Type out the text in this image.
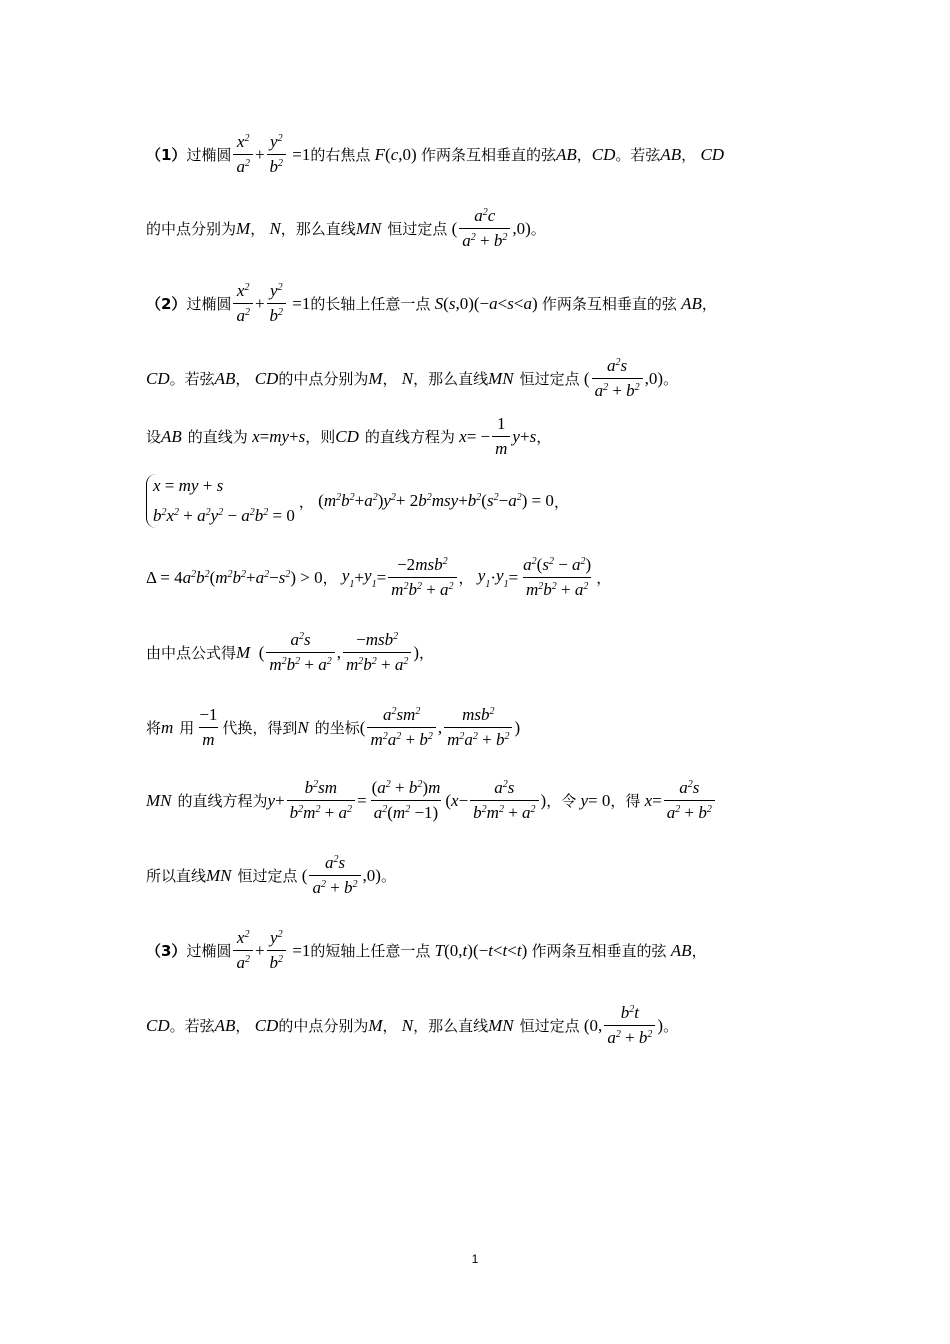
（1） 过椭圆 $\frac{x^2}{a^2} + \frac{y^2}{b^2} =1$ 的右焦点 F ( c ,0) 作两条互相垂直的弦 AB ， CD 。若弦 AB ， CD
的中点分别为 M ， N ，那么直线 MN 恒过定点 ( $\frac{a^2c}{a^2 + b^2} ,0$) 。
（2） 过椭圆 $\frac{x^2}{a^2} + \frac{y^2}{b^2} =1$ 的长轴上任意一点 S ( s ,0)(− a < s < a ) 作两条互相垂直的弦 AB ，
CD 。若弦 AB ， CD 的中点分别为 M ， N ，那么直线 MN 恒过定点 ( $\frac{a^2s}{a^2 + b^2} ,0$) 。
设 AB 的直线为 x = my + s ，则 CD 的直线方程为 x = − $\frac{1}{m}$ y + s ，
x = my + s
$b^2x^2 + a^2y^2 - a^2b^2 = 0$
， ( $m^2b^2 + a^2$ ) $y^2 + 2$ $b^2msy + b^2$ ( $s^2 - a^2$ ) = 0 ，
Δ = 4 $a^2b^2$ ( $m^2b^2 + a^2 - s^2$ ) > 0 ， $y_1 + y_1 = \frac{-2msb^2}{m^2b^2 + a^2}$ ， $y_1 \cdot y_1 = \frac{a^2(s^2 - a^2)}{m^2b^2 + a^2}$ ，
由中点公式得 M ( $\frac{a^2s}{m^2b^2 + a^2}$ , $\frac{-msb^2}{m^2b^2 + a^2}$ ) ，
将 m 用 $\frac{-1}{m}$ 代换，得到 N 的坐标 ( $\frac{a^2sm^2}{m^2a^2 + b^2}$ , $\frac{msb^2}{m^2a^2 + b^2}$ )
MN 的直线方程为 $y + \frac{b^2sm}{b^2m^2 + a^2} = \frac{(a^2 + b^2)m}{a^2(m^2 -1)}$ ( $x - \frac{a^2s}{b^2m^2 + a^2}$ ) ，令 y = 0 ，得 $x = \frac{a^2s}{a^2 + b^2}$
所以直线 MN 恒过定点 ( $\frac{a^2s}{a^2 + b^2} ,0$) 。
（3） 过椭圆 $\frac{x^2}{a^2} + \frac{y^2}{b^2} =1$ 的短轴上任意一点 T (0, t )(− t < t < t ) 作两条互相垂直的弦 AB ，
CD 。若弦 AB ， CD 的中点分别为 M ， N ，那么直线 MN 恒过定点 (0, $\frac{b^2t}{a^2 + b^2}$ ) 。
1
